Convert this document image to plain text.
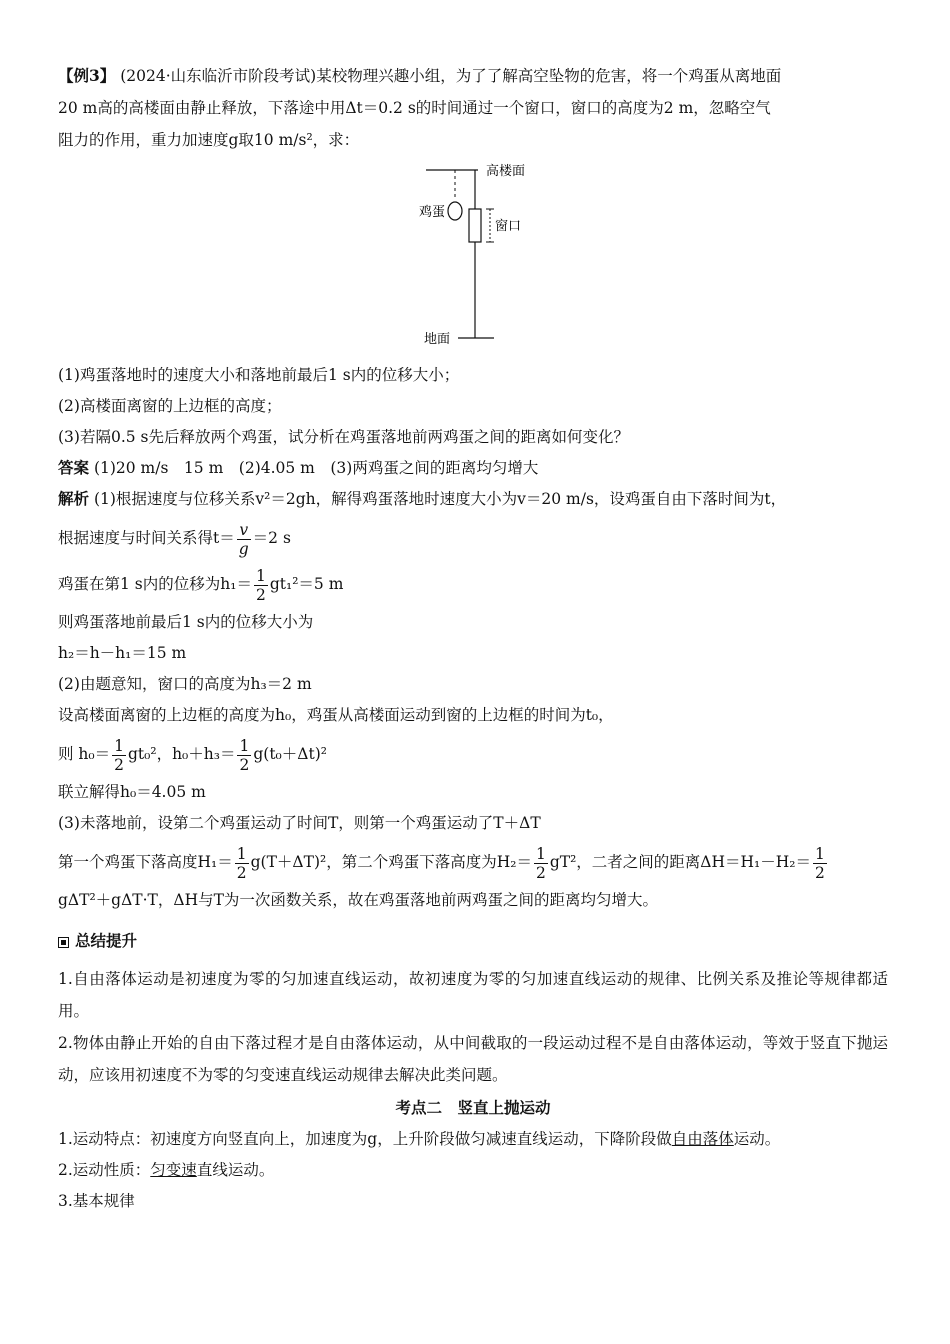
【例3】 (2024·山东临沂市阶段考试)某校物理兴趣小组，为了了解高空坠物的危害，将一个鸡蛋从离地面
20 m高的高楼面由静止释放，下落途中用Δt＝0.2 s的时间通过一个窗口，窗口的高度为2 m，忽略空气
阻力的作用，重力加速度g取10 m/s²，求：

高楼面
鸡蛋
窗口
地面

(1)鸡蛋落地时的速度大小和落地前最后1 s内的位移大小；

(2)高楼面离窗的上边框的高度；

(3)若隔0.5 s先后释放两个鸡蛋，试分析在鸡蛋落地前两鸡蛋之间的距离如何变化？

答案 (1)20 m/s　15 m　(2)4.05 m　(3)两鸡蛋之间的距离均匀增大

解析 (1)根据速度与位移关系v²＝2gh，解得鸡蛋落地时速度大小为v＝20 m/s，设鸡蛋自由下落时间为t，

根据速度与时间关系得$t= \frac{v}{g} =2$ s

鸡蛋在第1 s内的位移为$h_1= \frac{1}{2} gt_1^2=5$ m

则鸡蛋落地前最后1 s内的位移大小为

h₂＝h－h₁＝15 m

(2)由题意知，窗口的高度为h₃＝2 m

设高楼面离窗的上边框的高度为h₀，鸡蛋从高楼面运动到窗的上边框的时间为t₀，

则 $h_0= \frac{1}{2} gt_0^2$，$h_0+h_3= \frac{1}{2} g(t_0+\Delta t)^2$

联立解得h₀＝4.05 m

(3)未落地前，设第二个鸡蛋运动了时间T，则第一个鸡蛋运动了T＋ΔT

第一个鸡蛋下落高度$H_1= \frac{1}{2} g(T+\Delta T)^2$，第二个鸡蛋下落高度为$H_2= \frac{1}{2} gT^2$，二者之间的距离$\Delta H=H_1-H_2= \frac{1}{2}$

gΔT²＋gΔT·T，ΔH与T为一次函数关系，故在鸡蛋落地前两鸡蛋之间的距离均匀增大。

总结提升

1.自由落体运动是初速度为零的匀加速直线运动，故初速度为零的匀加速直线运动的规律、比例关系及推论等规律都适用。

2.物体由静止开始的自由下落过程才是自由落体运动，从中间截取的一段运动过程不是自由落体运动，等效于竖直下抛运动，应该用初速度不为零的匀变速直线运动规律去解决此类问题。

考点二　竖直上抛运动

1.运动特点：初速度方向竖直向上，加速度为g，上升阶段做匀减速直线运动，下降阶段做自由落体运动。

2.运动性质：匀变速直线运动。

3.基本规律
